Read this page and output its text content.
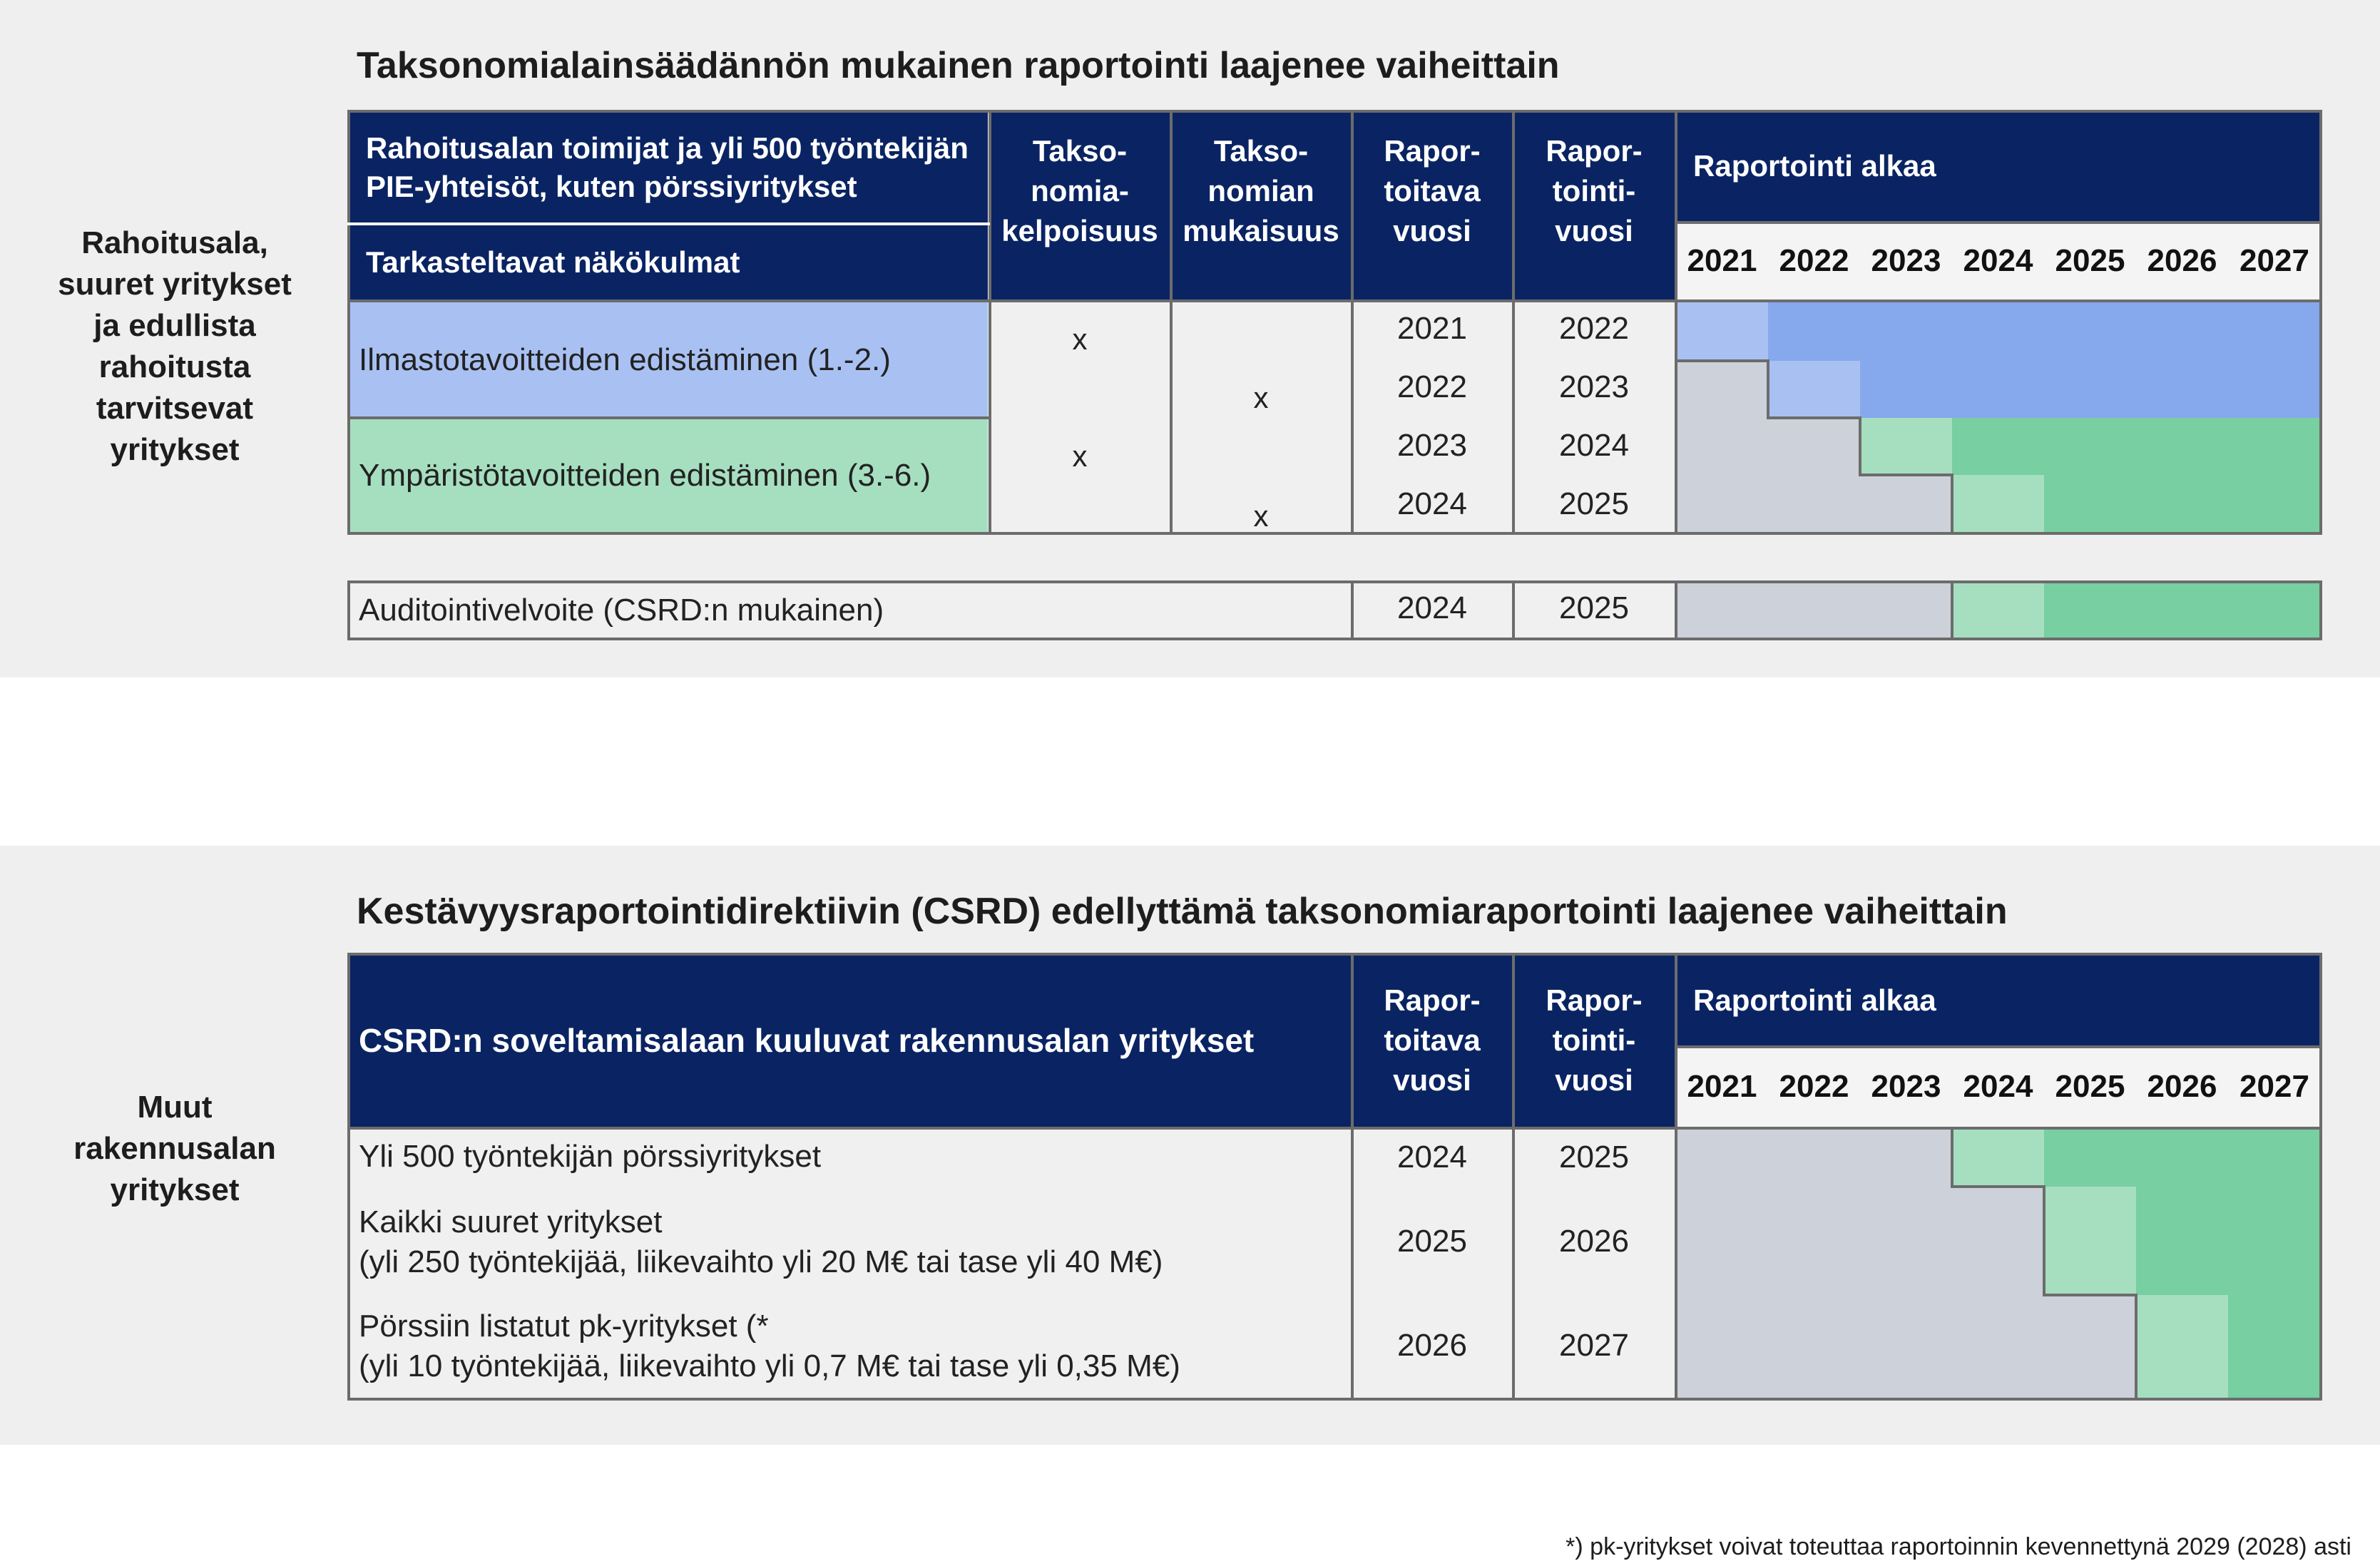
Rahoitusala, suuret yritykset ja edullista rahoitusta tarvitsevat yritykset
Taksonomialainsäädännön mukainen raportointi laajenee vaiheittain
Rahoitusalan toimijat ja yli 500 työntekijän PIE-yhteisöt, kuten pörssiyritykset
Tarkasteltavat näkökulmat
Takso-nomia-kelpoisuus
Takso-nomian mukaisuus
Rapor-toitava vuosi
Rapor-tointi-vuosi
Raportointi alkaa
2021 2022 2023 2024 2025 2026 2027
Ilmastotavoitteiden edistäminen (1.-2.)
Ympäristötavoitteiden edistäminen (3.-6.)
x
x
x
x
2021
2022
2023
2024
2022
2023
2024
2025
Auditointivelvoite (CSRD:n mukainen)	2024	2025
Muut rakennusalan yritykset
Kestävyysraportointidirektiivin (CSRD) edellyttämä taksonomiaraportointi laajenee vaiheittain
CSRD:n soveltamisalaan kuuluvat rakennusalan yritykset
Rapor-toitava vuosi
Rapor-tointi-vuosi
Raportointi alkaa
2021 2022 2023 2024 2025 2026 2027
Yli 500 työntekijän pörssiyritykset
Kaikki suuret yritykset
(yli 250 työntekijää, liikevaihto yli 20 M€ tai tase yli 40 M€)
Pörssiin listatut pk-yritykset (*
(yli 10 työntekijää, liikevaihto yli 0,7 M€ tai tase yli 0,35 M€)
2024
2025
2026
2025
2026
2027
*) pk-yritykset voivat toteuttaa raportoinnin kevennettynä 2029 (2028) asti
